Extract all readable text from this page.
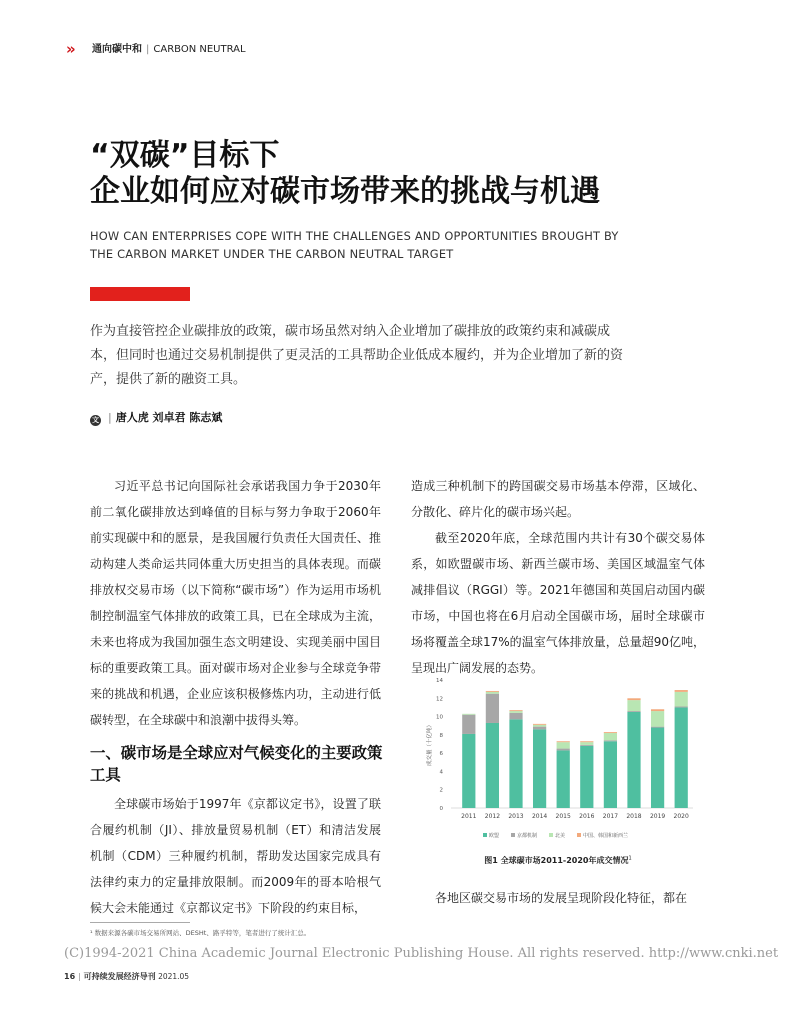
» 通向碳中和 | CARBON NEUTRAL
“双碳”目标下
企业如何应对碳市场带来的挑战与机遇
HOW CAN ENTERPRISES COPE WITH THE CHALLENGES AND OPPORTUNITIES BROUGHT BY
THE CARBON MARKET UNDER THE CARBON NEUTRAL TARGET
作为直接管控企业碳排放的政策，碳市场虽然对纳入企业增加了碳排放的政策约束和减碳成本，但同时也通过交易机制提供了更灵活的工具帮助企业低成本履约，并为企业增加了新的资产，提供了新的融资工具。
文 | 唐人虎 刘卓君 陈志斌

习近平总书记向国际社会承诺我国力争于2030年前二氧化碳排放达到峰值的目标与努力争取于2060年前实现碳中和的愿景，是我国履行负责任大国责任、推动构建人类命运共同体重大历史担当的具体表现。而碳排放权交易市场（以下简称“碳市场”）作为运用市场机制控制温室气体排放的政策工具，已在全球成为主流，未来也将成为我国加强生态文明建设、实现美丽中国目标的重要政策工具。面对碳市场对企业参与全球竞争带来的挑战和机遇，企业应该积极修炼内功，主动进行低碳转型，在全球碳中和浪潮中拔得头筹。

一、碳市场是全球应对气候变化的主要政策工具

全球碳市场始于1997年《京都议定书》，设置了联合履约机制（JI）、排放量贸易机制（ET）和清洁发展机制（CDM）三种履约机制，帮助发达国家完成具有法律约束力的定量排放限制。而2009年的哥本哈根气候大会未能通过《京都议定书》下阶段的约束目标，

造成三种机制下的跨国碳交易市场基本停滞，区域化、分散化、碎片化的碳市场兴起。

截至2020年底，全球范围内共计有30个碳交易体系，如欧盟碳市场、新西兰碳市场、美国区域温室气体减排倡议（RGGI）等。2021年德国和英国启动国内碳市场，中国也将在6月启动全国碳市场，届时全球碳市场将覆盖全球17%的温室气体排放量，总量超90亿吨，呈现出广阔发展的态势。

0
2
4
6
8
10
12
14
成交量（十亿吨）
2011 2012 2013 2014 2015 2016 2017 2018 2019 2020
欧盟	京都机制	北美	中国、韩国和新西兰
图1 全球碳市场2011-2020年成交情况$^1$
各地区碳交易市场的发展呈现阶段化特征，都在
¹ 数据来源各碳市场交易所网站、DESHt、路孚特等，笔者进行了统计汇总。
(C)1994-2021 China Academic Journal Electronic Publishing House. All rights reserved. http://www.cnki.net
16 | 可持续发展经济导刊 2021.05
